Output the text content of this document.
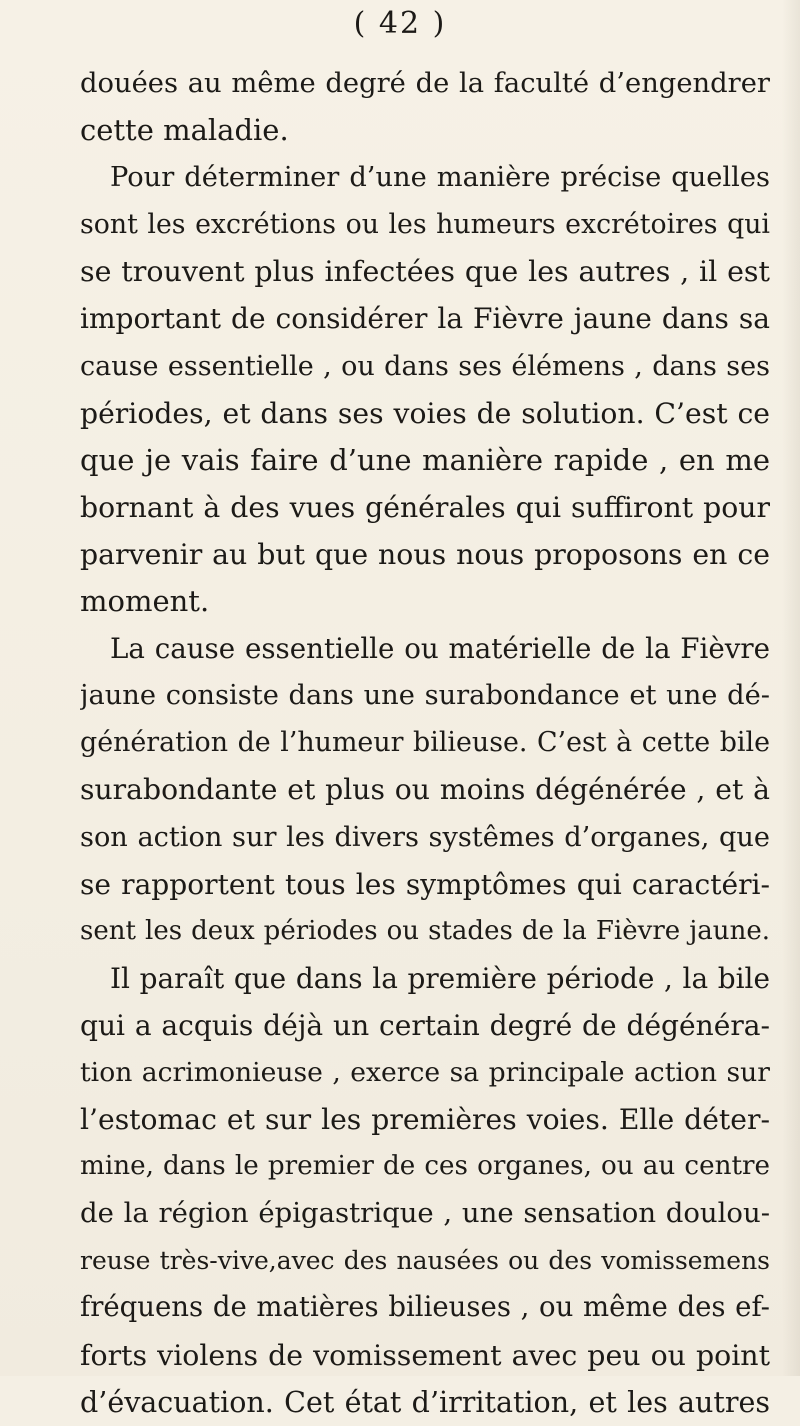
( 42 )
douées au même degré de la faculté d’engendrer
cette maladie.
Pour déterminer d’une manière précise quelles
sont les excrétions ou les humeurs excrétoires qui
se trouvent plus infectées que les autres , il est
important de considérer la Fièvre jaune dans sa
cause essentielle , ou dans ses élémens , dans ses
périodes, et dans ses voies de solution. C’est ce
que je vais faire d’une manière rapide , en me
bornant à des vues générales qui suffiront pour
parvenir au but que nous nous proposons en ce
moment.
La cause essentielle ou matérielle de la Fièvre
jaune consiste dans une surabondance et une dé-
génération de l’humeur bilieuse. C’est à cette bile
surabondante et plus ou moins dégénérée , et à
son action sur les divers systêmes d’organes, que
se rapportent tous les symptômes qui caractéri-
sent les deux périodes ou stades de la Fièvre jaune.
Il paraît que dans la première période , la bile
qui a acquis déjà un certain degré de dégénéra-
tion acrimonieuse , exerce sa principale action sur
l’estomac et sur les premières voies. Elle déter-
mine, dans le premier de ces organes, ou au centre
de la région épigastrique , une sensation doulou-
reuse très-vive,avec des nausées ou des vomissemens
fréquens de matières bilieuses , ou même des ef-
forts violens de vomissement avec peu ou point
d’évacuation. Cet état d’irritation, et les autres
